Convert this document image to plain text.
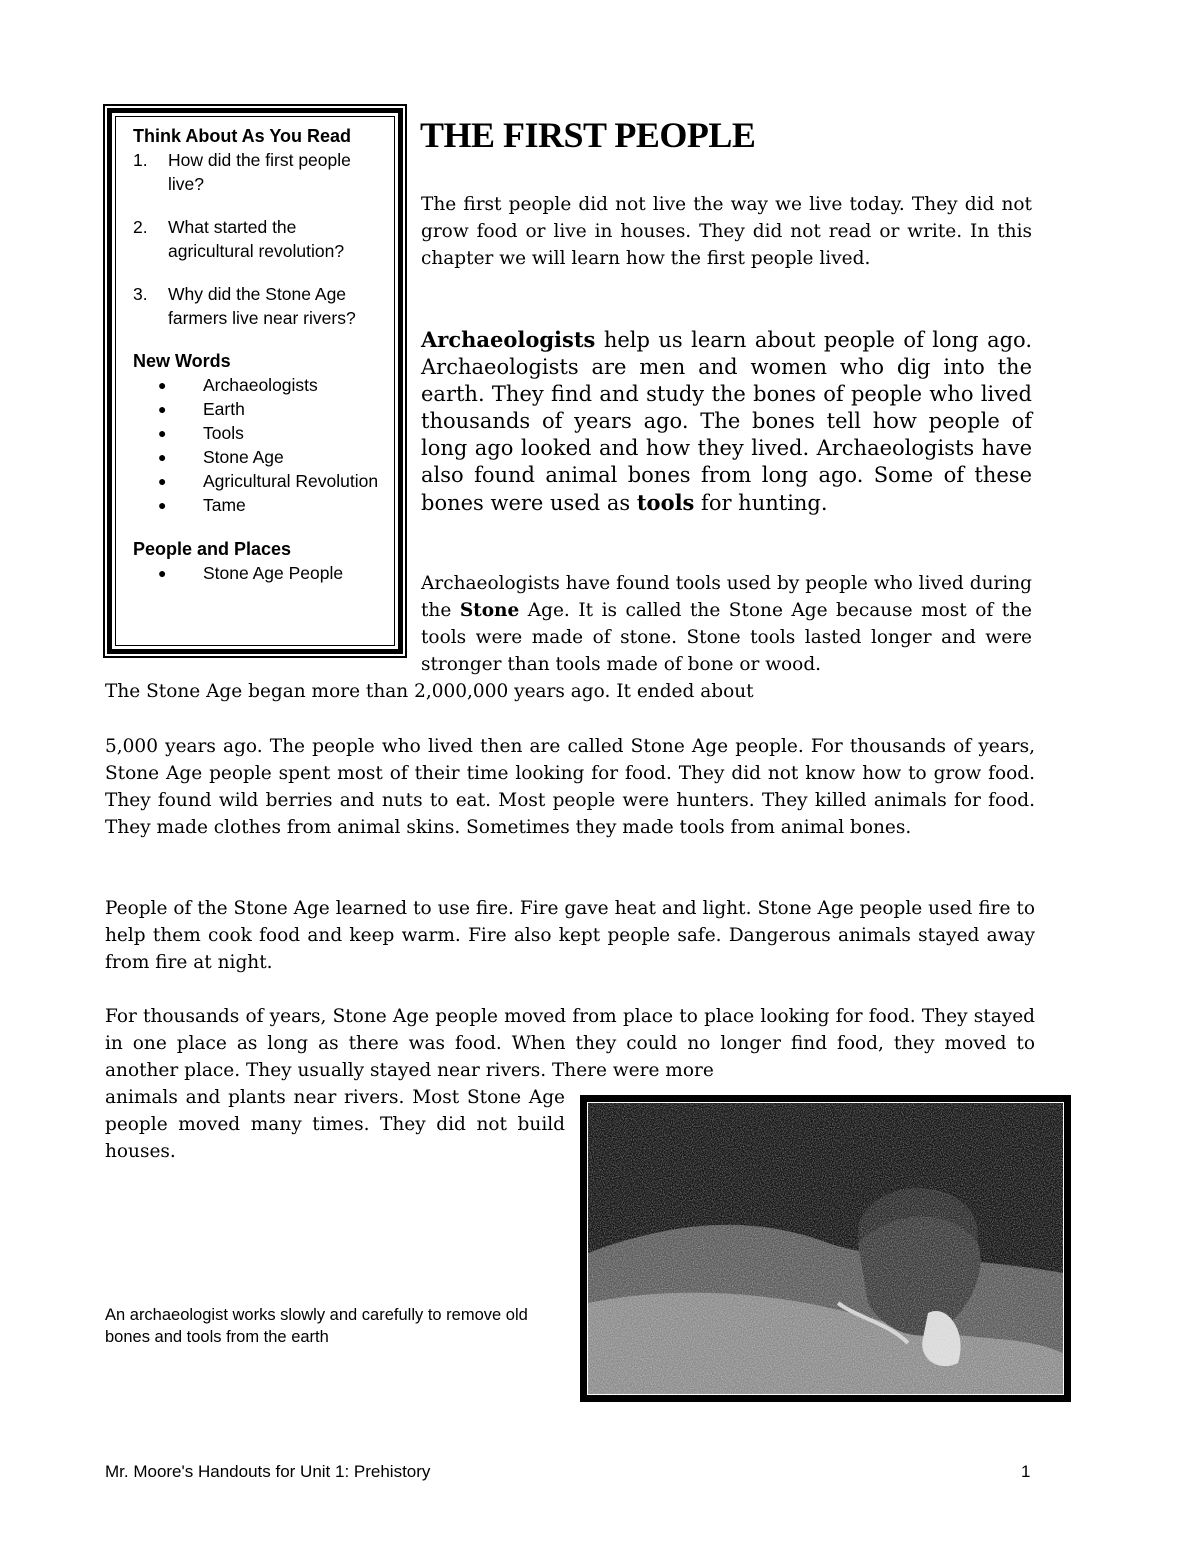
Think About As You Read
1. How did the first people live?
2. What started the agricultural revolution?
3. Why did the Stone Age farmers live near rivers?
New Words
● Archaeologists
● Earth
● Tools
● Stone Age
● Agricultural Revolution
● Tame
People and Places
● Stone Age People
THE FIRST PEOPLE

The first people did not live the way we live today. They did not grow food or live in houses. They did not read or write. In this chapter we will learn how the first people lived.

Archaeologists help us learn about people of long ago. Archaeologists are men and women who dig into the earth. They find and study the bones of people who lived thousands of years ago. The bones tell how people of long ago looked and how they lived. Archaeologists have also found animal bones from long ago. Some of these bones were used as tools for hunting.

Archaeologists have found tools used by people who lived during the Stone Age. It is called the Stone Age because most of the tools were made of stone. Stone tools lasted longer and were stronger than tools made of bone or wood.

The Stone Age began more than 2,000,000 years ago. It ended about

5,000 years ago. The people who lived then are called Stone Age people. For thousands of years, Stone Age people spent most of their time looking for food. They did not know how to grow food. They found wild berries and nuts to eat. Most people were hunters. They killed animals for food. They made clothes from animal skins. Sometimes they made tools from animal bones.

People of the Stone Age learned to use fire. Fire gave heat and light. Stone Age people used fire to help them cook food and keep warm. Fire also kept people safe. Dangerous animals stayed away from fire at night.

For thousands of years, Stone Age people moved from place to place looking for food. They stayed in one place as long as there was food. When they could no longer find food, they moved to another place. They usually stayed near rivers. There were more

animals and plants near rivers. Most Stone Age people moved many times. They did not build houses.

An archaeologist works slowly and carefully to remove old bones and tools from the earth

Mr. Moore's Handouts for Unit 1: Prehistory	1
